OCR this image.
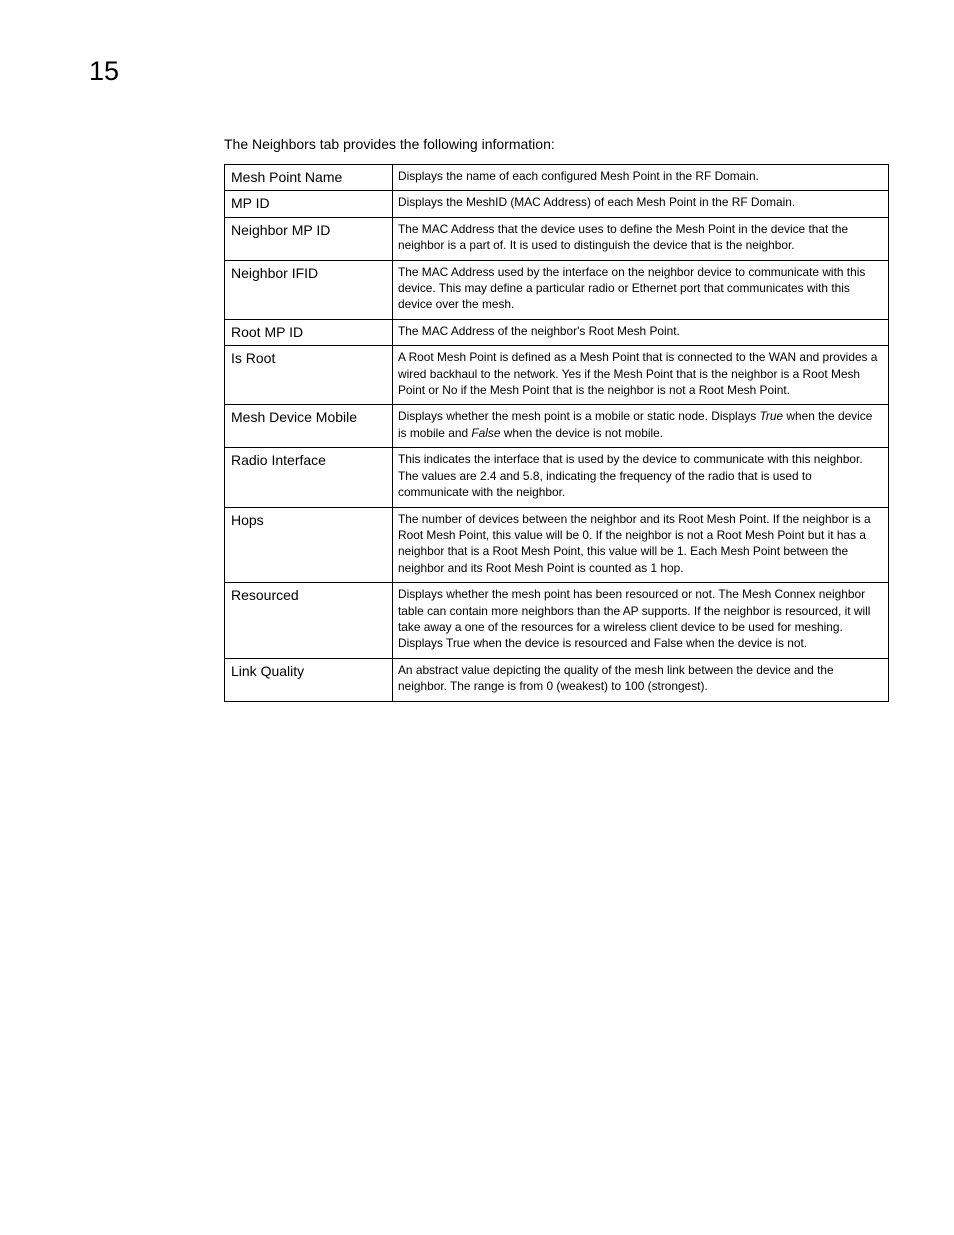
15

The Neighbors tab provides the following information:

Mesh Point Name	Displays the name of each configured Mesh Point in the RF Domain.
MP ID	Displays the MeshID (MAC Address) of each Mesh Point in the RF Domain.
Neighbor MP ID	The MAC Address that the device uses to define the Mesh Point in the device that the neighbor is a part of. It is used to distinguish the device that is the neighbor.
Neighbor IFID	The MAC Address used by the interface on the neighbor device to communicate with this device. This may define a particular radio or Ethernet port that communicates with this device over the mesh.
Root MP ID	The MAC Address of the neighbor's Root Mesh Point.
Is Root	A Root Mesh Point is defined as a Mesh Point that is connected to the WAN and provides a wired backhaul to the network. Yes if the Mesh Point that is the neighbor is a Root Mesh Point or No if the Mesh Point that is the neighbor is not a Root Mesh Point.
Mesh Device Mobile	Displays whether the mesh point is a mobile or static node. Displays True when the device is mobile and False when the device is not mobile.
Radio Interface	This indicates the interface that is used by the device to communicate with this neighbor. The values are 2.4 and 5.8, indicating the frequency of the radio that is used to communicate with the neighbor.
Hops	The number of devices between the neighbor and its Root Mesh Point. If the neighbor is a Root Mesh Point, this value will be 0. If the neighbor is not a Root Mesh Point but it has a neighbor that is a Root Mesh Point, this value will be 1. Each Mesh Point between the neighbor and its Root Mesh Point is counted as 1 hop.
Resourced	Displays whether the mesh point has been resourced or not. The Mesh Connex neighbor table can contain more neighbors than the AP supports. If the neighbor is resourced, it will take away a one of the resources for a wireless client device to be used for meshing. Displays True when the device is resourced and False when the device is not.
Link Quality	An abstract value depicting the quality of the mesh link between the device and the neighbor. The range is from 0 (weakest) to 100 (strongest).
